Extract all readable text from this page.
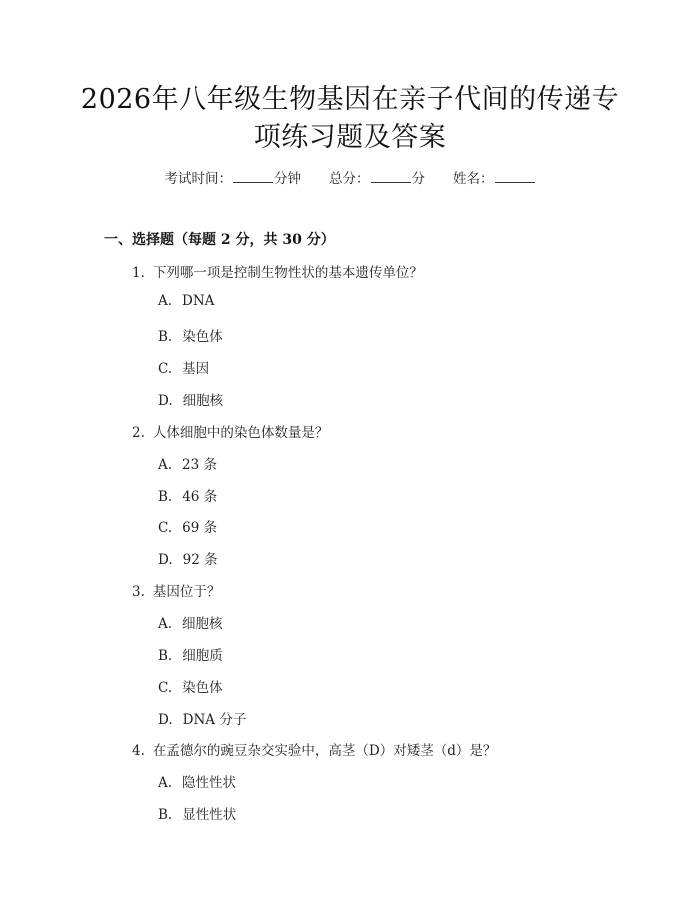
2026年八年级生物基因在亲子代间的传递专
项练习题及答案
考试时间：	分钟 总分：	分 姓名：
一、选择题（每题 2 分，共 30 分）
1. 下列哪一项是控制生物性状的基本遗传单位？
A. DNA
B. 染色体
C. 基因
D. 细胞核
2. 人体细胞中的染色体数量是？
A. 23 条
B. 46 条
C. 69 条
D. 92 条
3. 基因位于？
A. 细胞核
B. 细胞质
C. 染色体
D. DNA 分子
4. 在孟德尔的豌豆杂交实验中，高茎（D）对矮茎（d）是？
A. 隐性性状
B. 显性性状
